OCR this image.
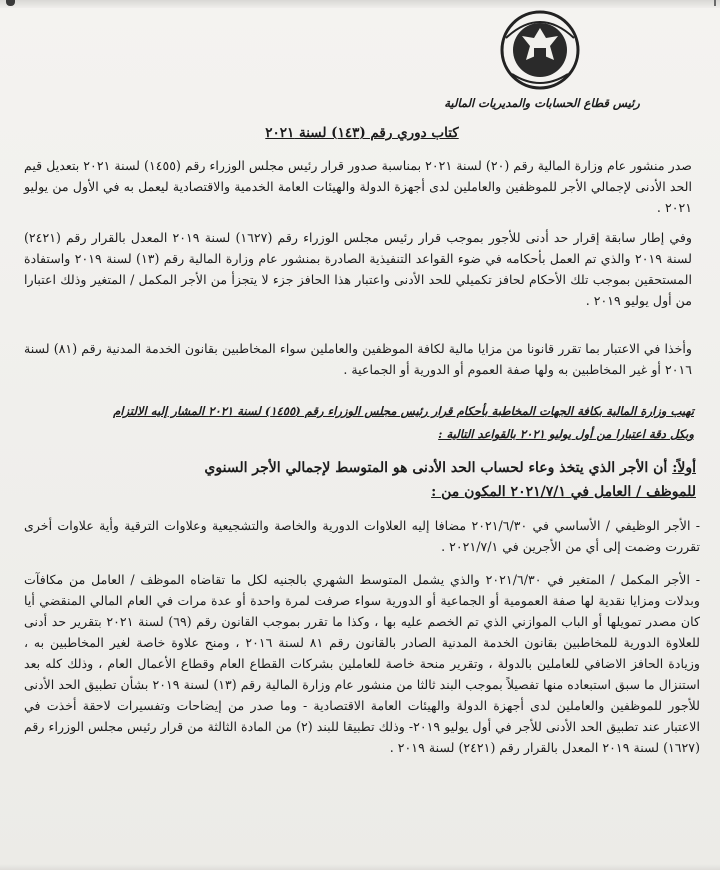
رئيس قطاع الحسابات والمديريات المالية
كتاب دوري رقم (١٤٣) لسنة ٢٠٢١
صدر منشور عام وزارة المالية رقم (٢٠) لسنة ٢٠٢١ بمناسبة صدور قرار رئيس مجلس الوزراء رقم (١٤٥٥) لسنة ٢٠٢١ بتعديل قيم الحد الأدنى لإجمالي الأجر للموظفين والعاملين لدى أجهزة الدولة والهيئات العامة الخدمية والاقتصادية ليعمل به في الأول من يوليو ٢٠٢١ .
وفي إطار سابقة إقرار حد أدنى للأجور بموجب قرار رئيس مجلس الوزراء رقم (١٦٢٧) لسنة ٢٠١٩ المعدل بالقرار رقم (٢٤٢١) لسنة ٢٠١٩ والذي تم العمل بأحكامه في ضوء القواعد التنفيذية الصادرة بمنشور عام وزارة المالية رقم (١٣) لسنة ٢٠١٩ واستفادة المستحقين بموجب تلك الأحكام لحافز تكميلي للحد الأدنى واعتبار هذا الحافز جزء لا يتجزأ من الأجر المكمل / المتغير وذلك اعتبارا من أول يوليو ٢٠١٩ .
وأخذا في الاعتبار بما تقرر قانونا من مزايا مالية لكافة الموظفين والعاملين سواء المخاطبين بقانون الخدمة المدنية رقم (٨١) لسنة ٢٠١٦ أو غير المخاطبين به ولها صفة العموم أو الدورية أو الجماعية .
تهيب وزارة المالية بكافة الجهات المخاطبة بأحكام قرار رئيس مجلس الوزراء رقم (١٤٥٥) لسنة ٢٠٢١ المشار إليه الالتزام
وبكل دقة اعتبارا من أول يوليو ٢٠٢١ بالقواعد التالية :
أولاً: أن الأجر الذي يتخذ وعاء لحساب الحد الأدنى هو المتوسط لإجمالي الأجر السنوي
للموظف / العامل في ٢٠٢١/٧/١ المكون من :
- الأجر الوظيفي / الأساسي في ٢٠٢١/٦/٣٠ مضافا إليه العلاوات الدورية والخاصة والتشجيعية وعلاوات الترقية وأية علاوات أخرى تقررت وضمت إلى أي من الأجرين في ٢٠٢١/٧/١ .
- الأجر المكمل / المتغير في ٢٠٢١/٦/٣٠ والذي يشمل المتوسط الشهري بالجنيه لكل ما تقاضاه الموظف / العامل من مكافآت وبدلات ومزايا نقدية لها صفة العمومية أو الجماعية أو الدورية سواء صرفت لمرة واحدة أو عدة مرات في العام المالي المنقضي أيا كان مصدر تمويلها أو الباب الموازني الذي تم الخصم عليه بها ، وكذا ما تقرر بموجب القانون رقم (٦٩) لسنة ٢٠٢١ بتقرير حد أدنى للعلاوة الدورية للمخاطبين بقانون الخدمة المدنية الصادر بالقانون رقم ٨١ لسنة ٢٠١٦ ، ومنح علاوة خاصة لغير المخاطبين به ، وزيادة الحافز الاضافي للعاملين بالدولة ، وتقرير منحة خاصة للعاملين بشركات القطاع العام وقطاع الأعمال العام ، وذلك كله بعد استنزال ما سبق استبعاده منها تفصيلاً بموجب البند ثالثا من منشور عام وزارة المالية رقم (١٣) لسنة ٢٠١٩ بشأن تطبيق الحد الأدنى للأجور للموظفين والعاملين لدى أجهزة الدولة والهيئات العامة الاقتصادية - وما صدر من إيضاحات وتفسيرات لاحقة أخذت في الاعتبار عند تطبيق الحد الأدنى للأجر في أول يوليو ٢٠١٩- وذلك تطبيقا للبند (٢) من المادة الثالثة من قرار رئيس مجلس الوزراء رقم (١٦٢٧) لسنة ٢٠١٩ المعدل بالقرار رقم (٢٤٢١) لسنة ٢٠١٩ .
